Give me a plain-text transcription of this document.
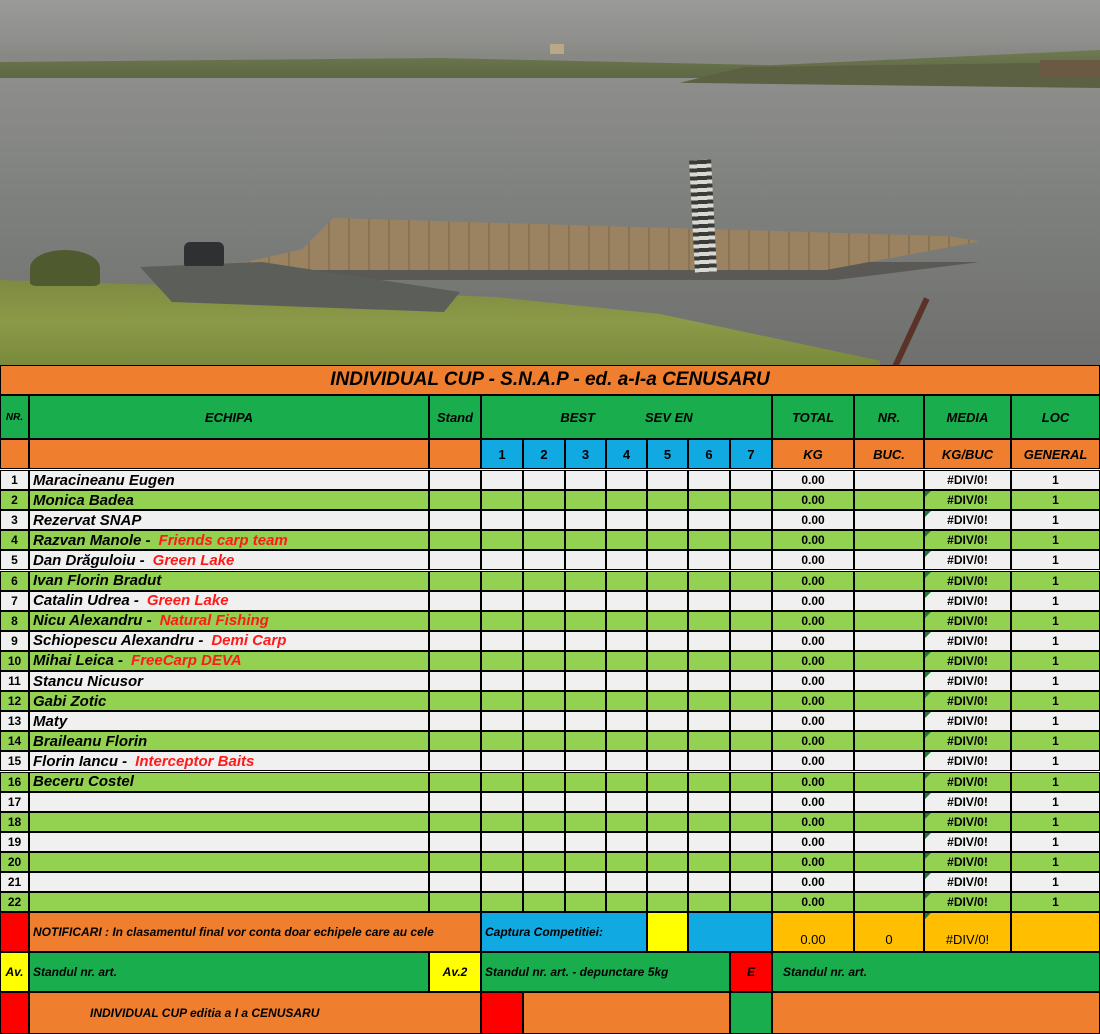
INDIVIDUAL CUP - S.N.A.P - ed. a-I-a CENUSARU
NR.	ECHIPA	Stand	BEST	SEV EN	TOTAL	NR.	MEDIA	LOC
1	2	3	4	5	6	7	KG	BUC.	KG/BUC	GENERAL
1	Maracineanu Eugen	0.00	#DIV/0!	1
2	Monica Badea	0.00	#DIV/0!	1
3	Rezervat SNAP	0.00	#DIV/0!	1
4	Razvan Manole - Friends carp team	0.00	#DIV/0!	1
5	Dan Drăguloiu - Green Lake	0.00	#DIV/0!	1
6	Ivan Florin Bradut	0.00	#DIV/0!	1
7	Catalin Udrea - Green Lake	0.00	#DIV/0!	1
8	Nicu Alexandru - Natural Fishing	0.00	#DIV/0!	1
9	Schiopescu Alexandru - Demi Carp	0.00	#DIV/0!	1
10 Mihai Leica - FreeCarp DEVA	0.00	#DIV/0!	1
11 Stancu Nicusor	0.00	#DIV/0!	1
12 Gabi Zotic	0.00	#DIV/0!	1
13 Maty	0.00	#DIV/0!	1
14 Braileanu Florin	0.00	#DIV/0!	1
15 Florin Iancu - Interceptor Baits	0.00	#DIV/0!	1
16 Beceru Costel	0.00	#DIV/0!	1
17	0.00	#DIV/0!	1
18	0.00	#DIV/0!	1
19	0.00	#DIV/0!	1
20	0.00	#DIV/0!	1
21	0.00	#DIV/0!	1
22	0.00	#DIV/0!	1
NOTIFICARI : In clasamentul final vor conta doar echipele care au cele	Captura Competitiei:	0.00	0	#DIV/0!
Av. Standul nr. art.	Av.2	Standul nr. art. - depunctare 5kg	E	Standul nr. art.
INDIVIDUAL CUP editia a I a CENUSARU
